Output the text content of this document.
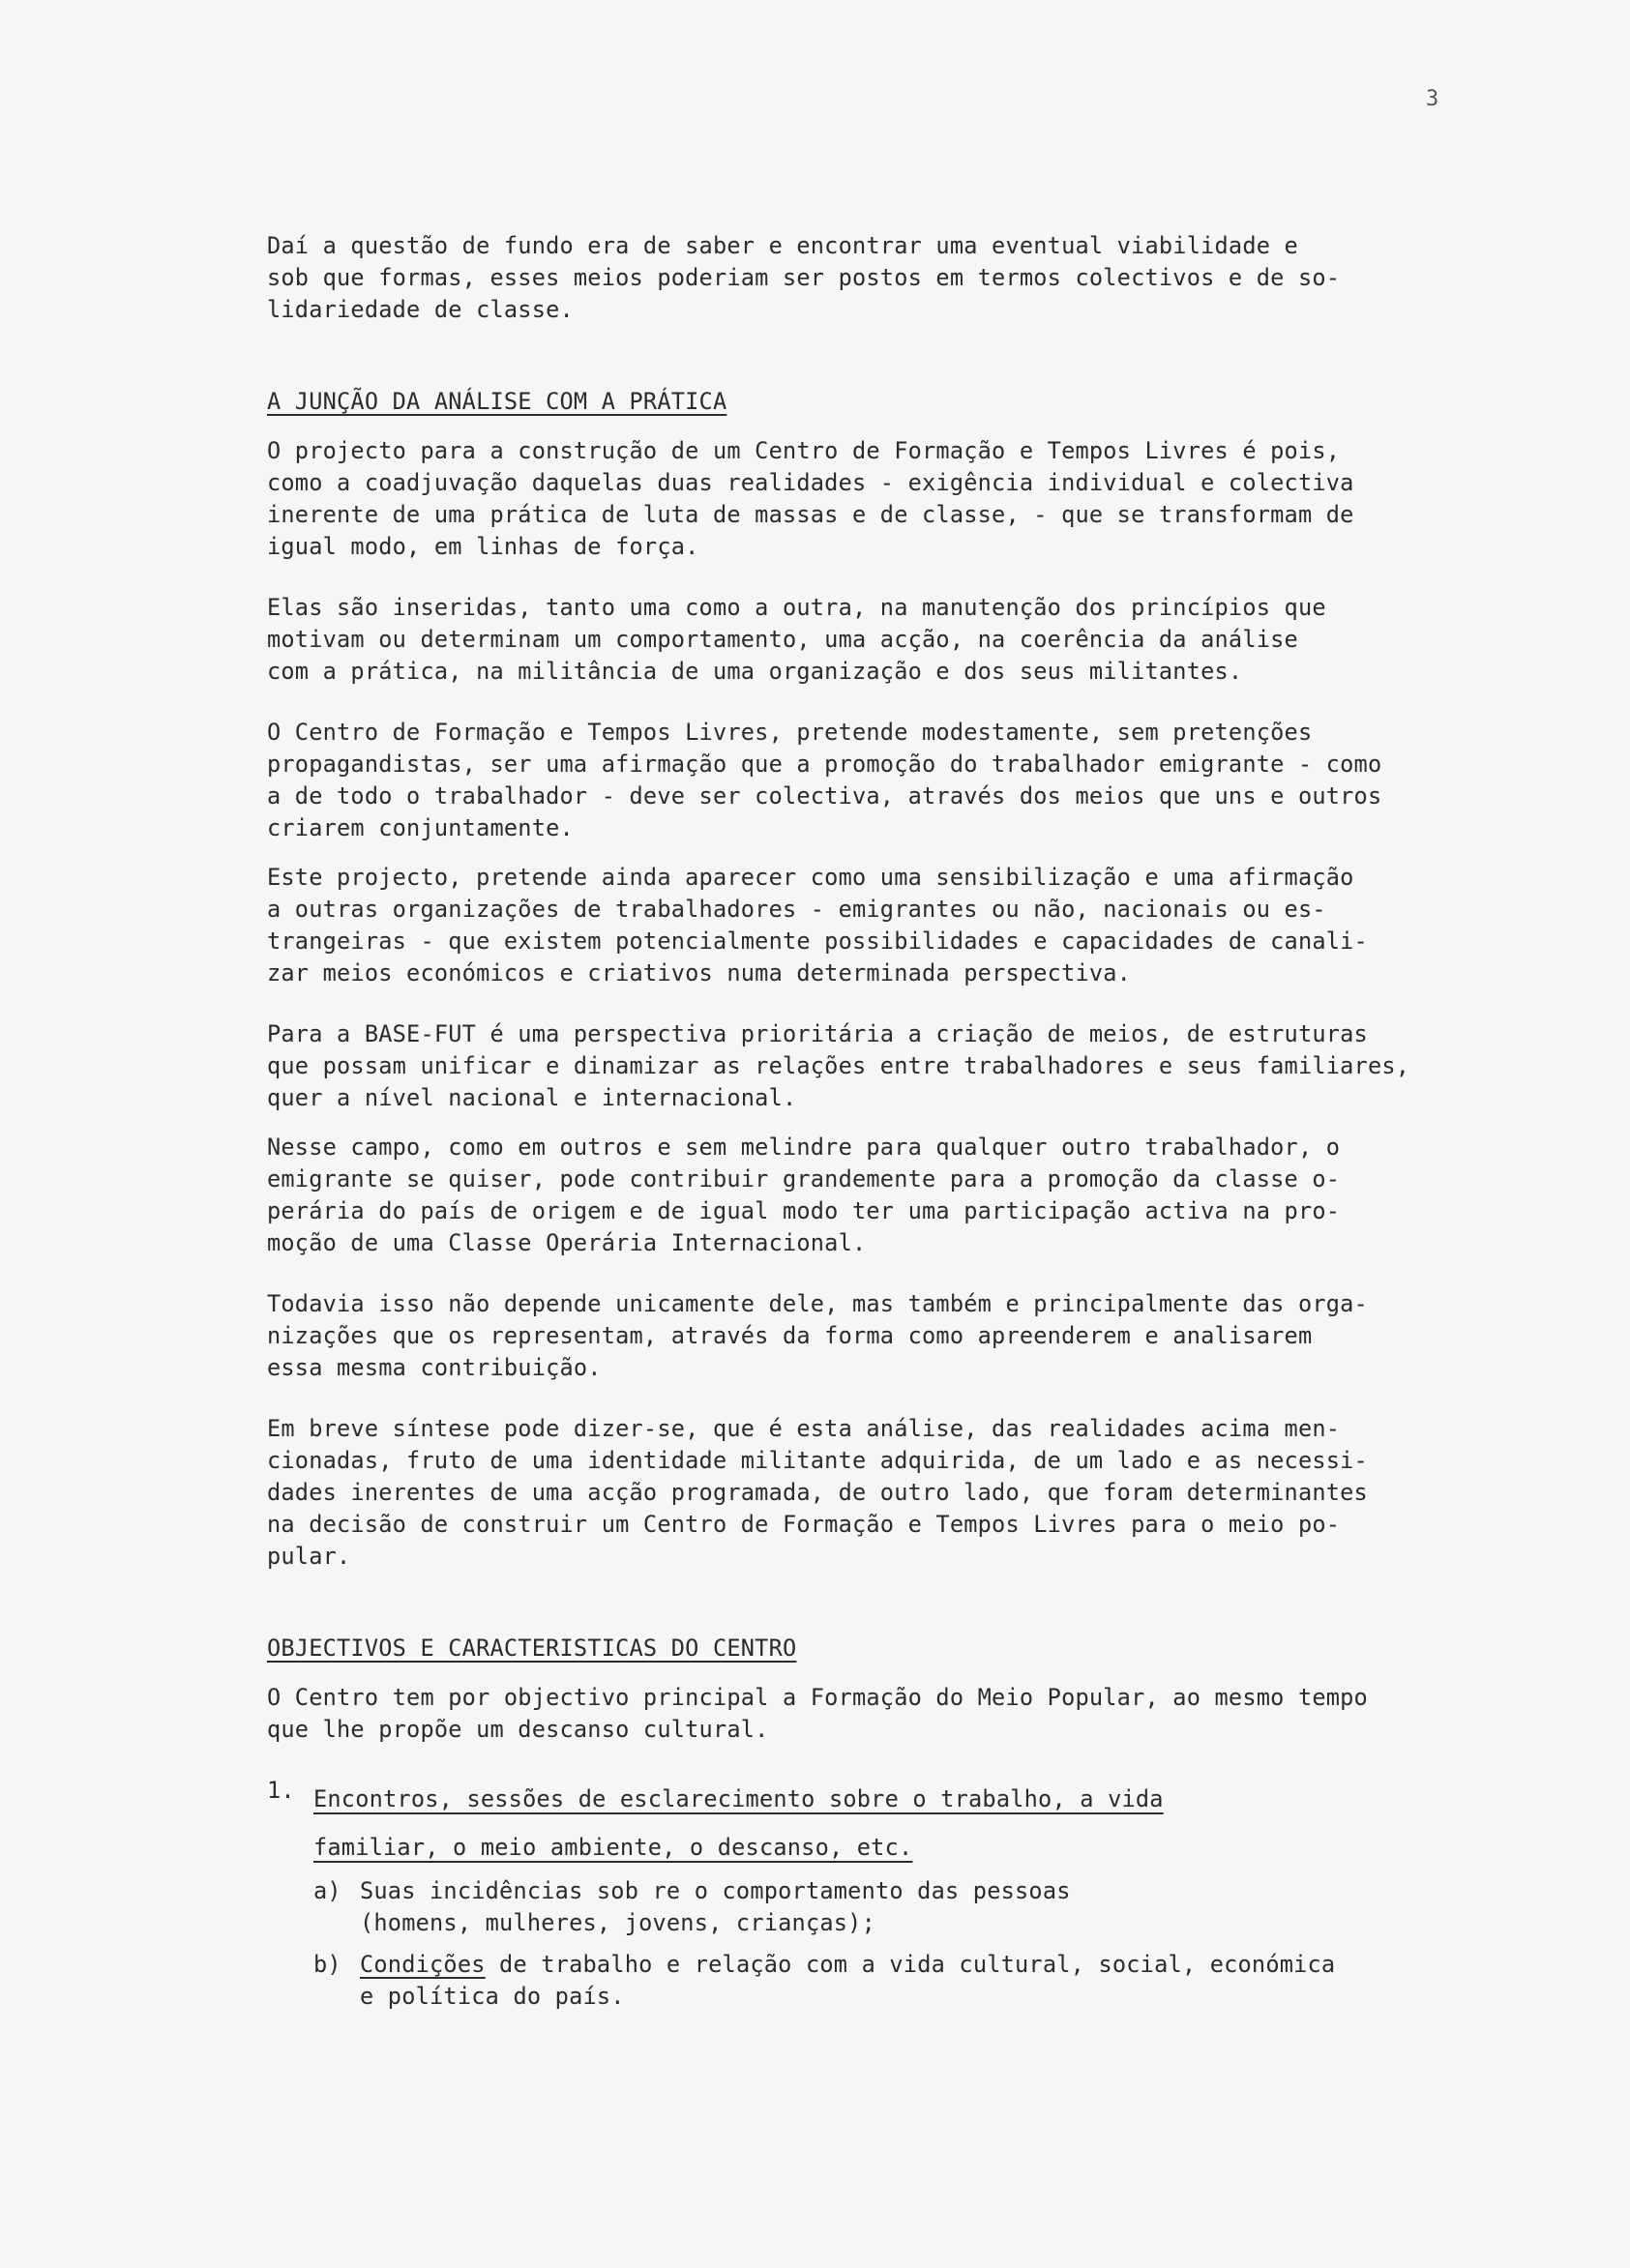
3

Daí a questão de fundo era de saber e encontrar uma eventual viabilidade e
sob que formas, esses meios poderiam ser postos em termos colectivos e de so-
lidariedade de classe.

A JUNÇÃO DA ANÁLISE COM A PRÁTICA

O projecto para a construção de um Centro de Formação e Tempos Livres é pois,
como a coadjuvação daquelas duas realidades - exigência individual e colectiva
inerente de uma prática de luta de massas e de classe, - que se transformam de
igual modo, em linhas de força.

Elas são inseridas, tanto uma como a outra, na manutenção dos princípios que
motivam ou determinam um comportamento, uma acção, na coerência da análise
com a prática, na militância de uma organização e dos seus militantes.

O Centro de Formação e Tempos Livres, pretende modestamente, sem pretenções
propagandistas, ser uma afirmação que a promoção do trabalhador emigrante - como
a de todo o trabalhador - deve ser colectiva, através dos meios que uns e outros
criarem conjuntamente.

Este projecto, pretende ainda aparecer como uma sensibilização e uma afirmação
a outras organizações de trabalhadores - emigrantes ou não, nacionais ou es-
trangeiras - que existem potencialmente possibilidades e capacidades de canali-
zar meios económicos e criativos numa determinada perspectiva.

Para a BASE-FUT é uma perspectiva prioritária a criação de meios, de estruturas
que possam unificar e dinamizar as relações entre trabalhadores e seus familiares,
quer a nível nacional e internacional.

Nesse campo, como em outros e sem melindre para qualquer outro trabalhador, o
emigrante se quiser, pode contribuir grandemente para a promoção da classe o-
perária do país de origem e de igual modo ter uma participação activa na pro-
moção de uma Classe Operária Internacional.

Todavia isso não depende unicamente dele, mas também e principalmente das orga-
nizações que os representam, através da forma como apreenderem e analisarem
essa mesma contribuição.

Em breve síntese pode dizer-se, que é esta análise, das realidades acima men-
cionadas, fruto de uma identidade militante adquirida, de um lado e as necessi-
dades inerentes de uma acção programada, de outro lado, que foram determinantes
na decisão de construir um Centro de Formação e Tempos Livres para o meio po-
pular.

OBJECTIVOS E CARACTERISTICAS DO CENTRO

O Centro tem por objectivo principal a Formação do Meio Popular, ao mesmo tempo
que lhe propõe um descanso cultural.

1. Encontros, sessões de esclarecimento sobre o trabalho, a vida
familiar, o meio ambiente, o descanso, etc.

a) Suas incidências sob re o comportamento das pessoas
(homens, mulheres, jovens, crianças);

b) Condições de trabalho e relação com a vida cultural, social, económica
e política do país.
